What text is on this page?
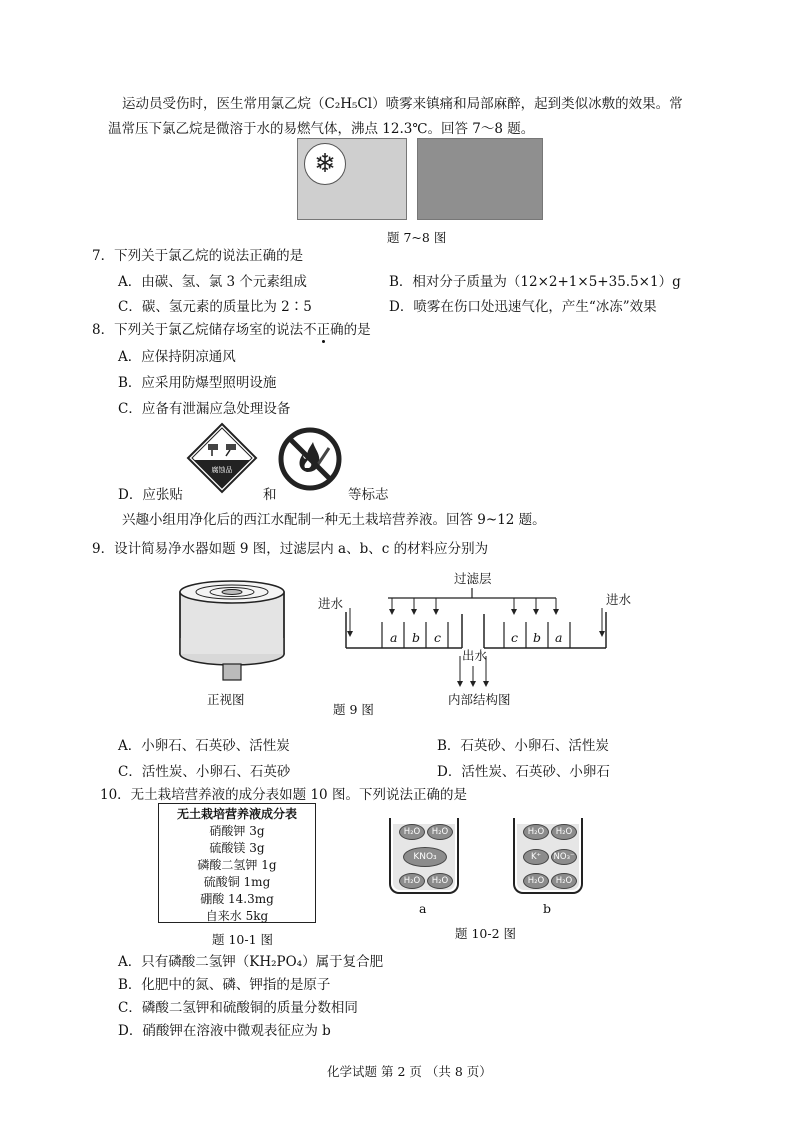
运动员受伤时，医生常用氯乙烷（C₂H₅Cl）喷雾来镇痛和局部麻醉，起到类似冰敷的效果。常
温常压下氯乙烷是微溶于水的易燃气体，沸点 12.3℃。回答 7～8 题。
❄
题 7~8 图
7．下列关于氯乙烷的说法正确的是
A．由碳、氢、氯 3 个元素组成	B．相对分子质量为（12×2+1×5+35.5×1）g
C．碳、氢元素的质量比为 2∶5	D．喷雾在伤口处迅速气化，产生“冰冻”效果
8．下列关于氯乙烷储存场室的说法不正确的是
A．应保持阴凉通风
B．应采用防爆型照明设施
C．应备有泄漏应急处理设备
腐蚀品
D．应张贴	和	等标志
兴趣小组用净化后的西江水配制一种无土栽培营养液。回答 9~12 题。
9．设计简易净水器如题 9 图，过滤层内 a、b、c 的材料应分别为
正视图
题 9 图
过滤层
进水	进水
出水
a b c	c b a
内部结构图
A．小卵石、石英砂、活性炭	B．石英砂、小卵石、活性炭
C．活性炭、小卵石、石英砂	D．活性炭、石英砂、小卵石
10．无土栽培营养液的成分表如题 10 图。下列说法正确的是
无土栽培营养液成分表
硝酸钾 3g
硫酸镁 3g
磷酸二氢钾 1g
硫酸铜 1mg
硼酸 14.3mg
自来水 5kg
题 10-1 图
H₂O	H₂O
KNO₃
H₂O	H₂O
a
H₂O	H₂O
K⁺	NO₃⁻
H₂O	H₂O
b
题 10-2 图
A．只有磷酸二氢钾（KH₂PO₄）属于复合肥
B．化肥中的氮、磷、钾指的是原子
C．磷酸二氢钾和硫酸铜的质量分数相同
D．硝酸钾在溶液中微观表征应为 b
化学试题 第 2 页 （共 8 页）
